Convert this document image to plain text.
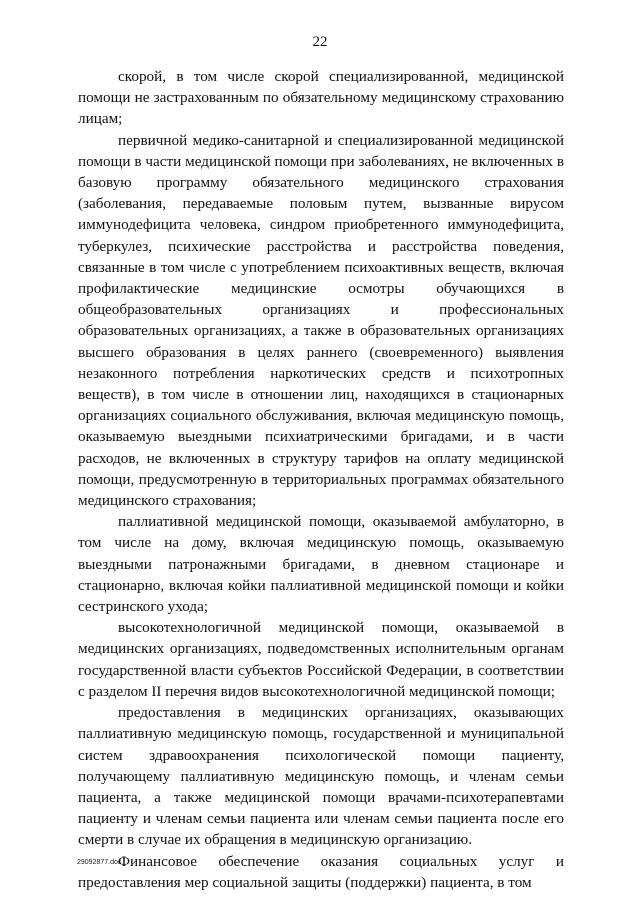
22

скорой, в том числе скорой специализированной, медицинской помощи не застрахованным по обязательному медицинскому страхованию лицам;

первичной медико-санитарной и специализированной медицинской помощи в части медицинской помощи при заболеваниях, не включенных в базовую программу обязательного медицинского страхования (заболевания, передаваемые половым путем, вызванные вирусом иммунодефицита человека, синдром приобретенного иммунодефицита, туберкулез, психические расстройства и расстройства поведения, связанные в том числе с употреблением психоактивных веществ, включая профилактические медицинские осмотры обучающихся в общеобразовательных организациях и профессиональных образовательных организациях, а также в образовательных организациях высшего образования в целях раннего (своевременного) выявления незаконного потребления наркотических средств и психотропных веществ), в том числе в отношении лиц, находящихся в стационарных организациях социального обслуживания, включая медицинскую помощь, оказываемую выездными психиатрическими бригадами, и в части расходов, не включенных в структуру тарифов на оплату медицинской помощи, предусмотренную в территориальных программах обязательного медицинского страхования;

паллиативной медицинской помощи, оказываемой амбулаторно, в том числе на дому, включая медицинскую помощь, оказываемую выездными патронажными бригадами, в дневном стационаре и стационарно, включая койки паллиативной медицинской помощи и койки сестринского ухода;

высокотехнологичной медицинской помощи, оказываемой в медицинских организациях, подведомственных исполнительным органам государственной власти субъектов Российской Федерации, в соответствии с разделом II перечня видов высокотехнологичной медицинской помощи;

предоставления в медицинских организациях, оказывающих паллиативную медицинскую помощь, государственной и муниципальной систем здравоохранения психологической помощи пациенту, получающему паллиативную медицинскую помощь, и членам семьи пациента, а также медицинской помощи врачами-психотерапевтами пациенту и членам семьи пациента или членам семьи пациента после его смерти в случае их обращения в медицинскую организацию.

Финансовое обеспечение оказания социальных услуг и предоставления мер социальной защиты (поддержки) пациента, в том

29092877.doc
